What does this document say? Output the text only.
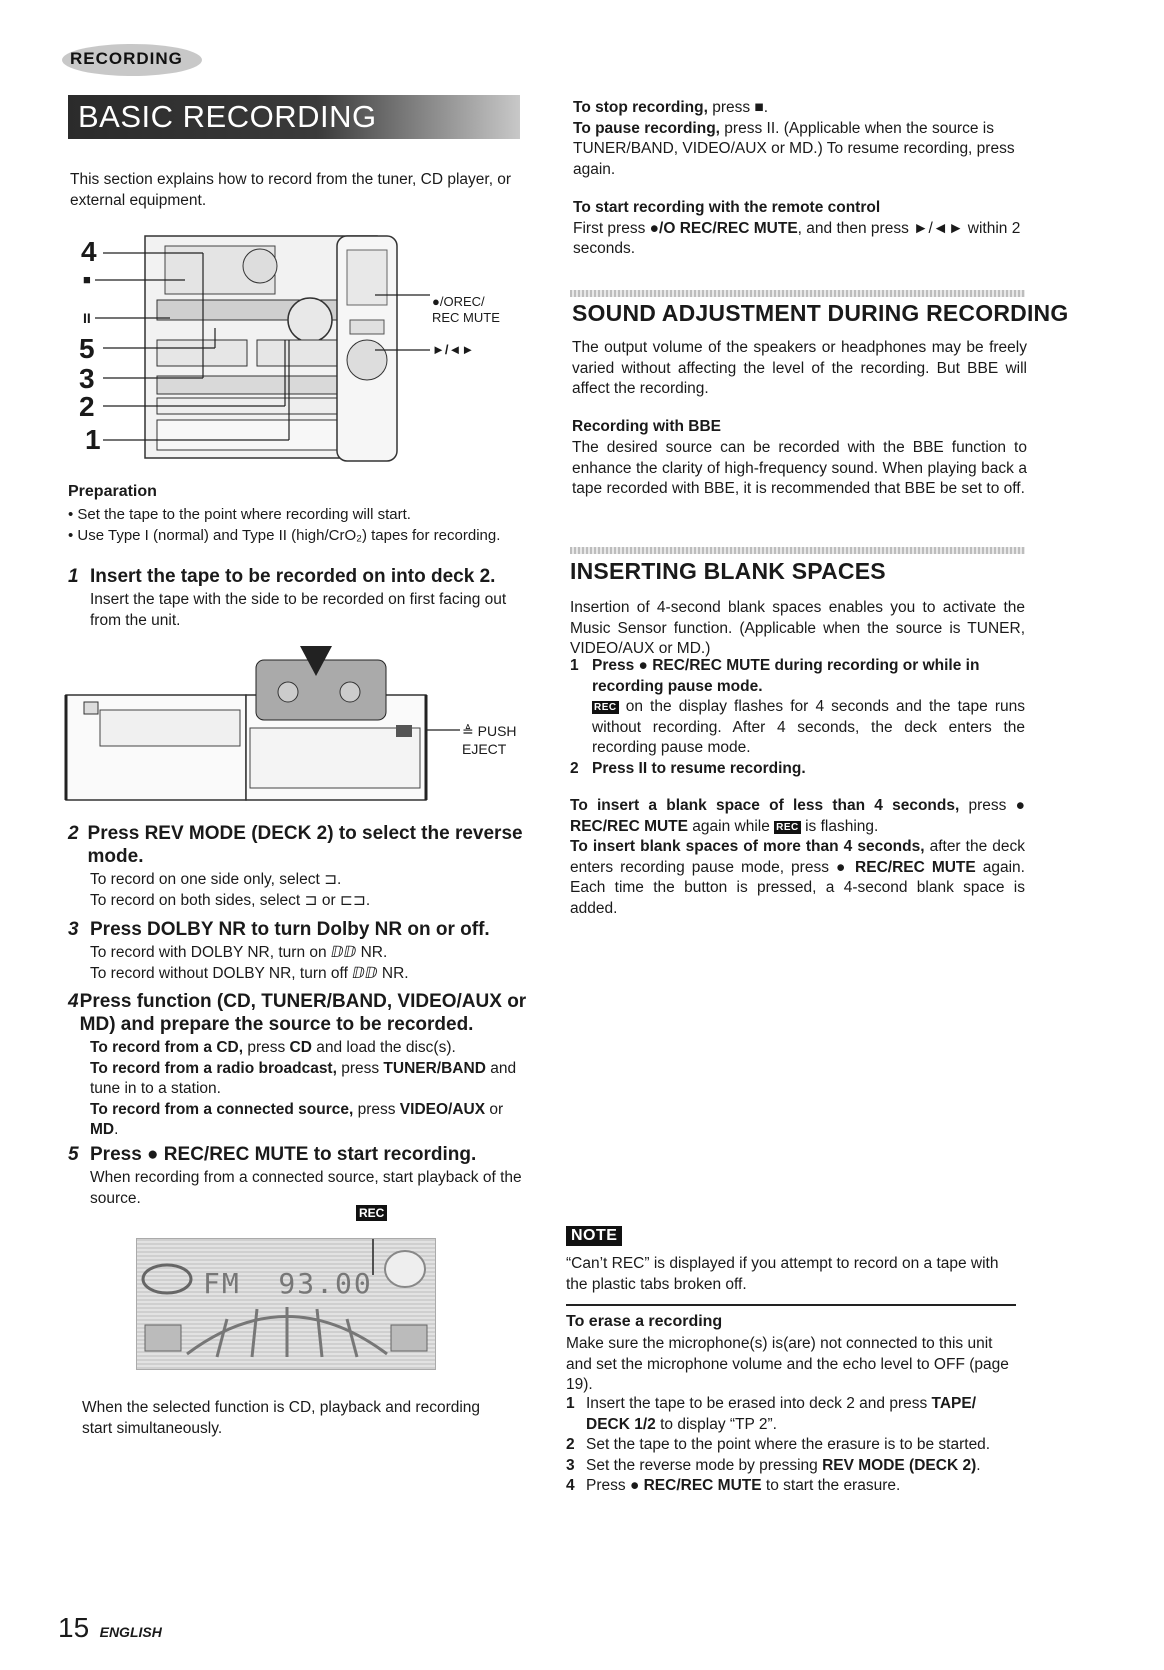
RECORDING
BASIC RECORDING

This section explains how to record from the tuner, CD player, or external equipment.

4
■
II
5
3
2
1
●/OREC/
REC MUTE
►/◄►
Preparation
• Set the tape to the point where recording will start.
• Use Type I (normal) and Type II (high/CrO₂) tapes for recording.
1 Insert the tape to be recorded on into deck 2.

Insert the tape with the side to be recorded on first facing out from the unit.

≜ PUSH
EJECT
2 Press REV MODE (DECK 2) to select the reverse mode.

To record on one side only, select ⊐.

To record on both sides, select ⊐ or ⊏⊐.

3 Press DOLBY NR to turn Dolby NR on or off.

To record with DOLBY NR, turn on ⅅⅅ NR.

To record without DOLBY NR, turn off ⅅⅅ NR.

4 Press function (CD, TUNER/BAND, VIDEO/AUX or MD) and prepare the source to be recorded.

To record from a CD, press CD and load the disc(s).

To record from a radio broadcast, press TUNER/BAND and tune in to a station.

To record from a connected source, press VIDEO/AUX or MD.

5 Press ● REC/REC MUTE to start recording.

When recording from a connected source, start playback of the source.

REC
FM  93.00

When the selected function is CD, playback and recording start simultaneously.

To stop recording, press ■.

To pause recording, press II. (Applicable when the source is TUNER/BAND, VIDEO/AUX or MD.) To resume recording, press again.

To start recording with the remote control

First press ●/O REC/REC MUTE, and then press ►/◄► within 2 seconds.

SOUND ADJUSTMENT DURING RECORDING

The output volume of the speakers or headphones may be freely varied without affecting the level of the recording. But BBE will affect the recording.

Recording with BBE

The desired source can be recorded with the BBE function to enhance the clarity of high-frequency sound. When playing back a tape recorded with BBE, it is recommended that BBE be set to off.

INSERTING BLANK SPACES

Insertion of 4-second blank spaces enables you to activate the Music Sensor function. (Applicable when the source is TUNER, VIDEO/AUX or MD.)

1 Press ● REC/REC MUTE during recording or while in recording pause mode.

REC on the display flashes for 4 seconds and the tape runs without recording. After 4 seconds, the deck enters the recording pause mode.

2 Press II to resume recording.

To insert a blank space of less than 4 seconds, press ● REC/REC MUTE again while REC is flashing.

To insert blank spaces of more than 4 seconds, after the deck enters recording pause mode, press ● REC/REC MUTE again. Each time the button is pressed, a 4-second blank space is added.

NOTE

“Can’t REC” is displayed if you attempt to record on a tape with the plastic tabs broken off.

To erase a recording

Make sure the microphone(s) is(are) not connected to this unit and set the microphone volume and the echo level to OFF (page 19).

1 Insert the tape to be erased into deck 2 and press TAPE/ DECK 1/2 to display “TP 2”.
2 Set the tape to the point where the erasure is to be started.
3 Set the reverse mode by pressing REV MODE (DECK 2).
4 Press ● REC/REC MUTE to start the erasure.
15 ENGLISH
